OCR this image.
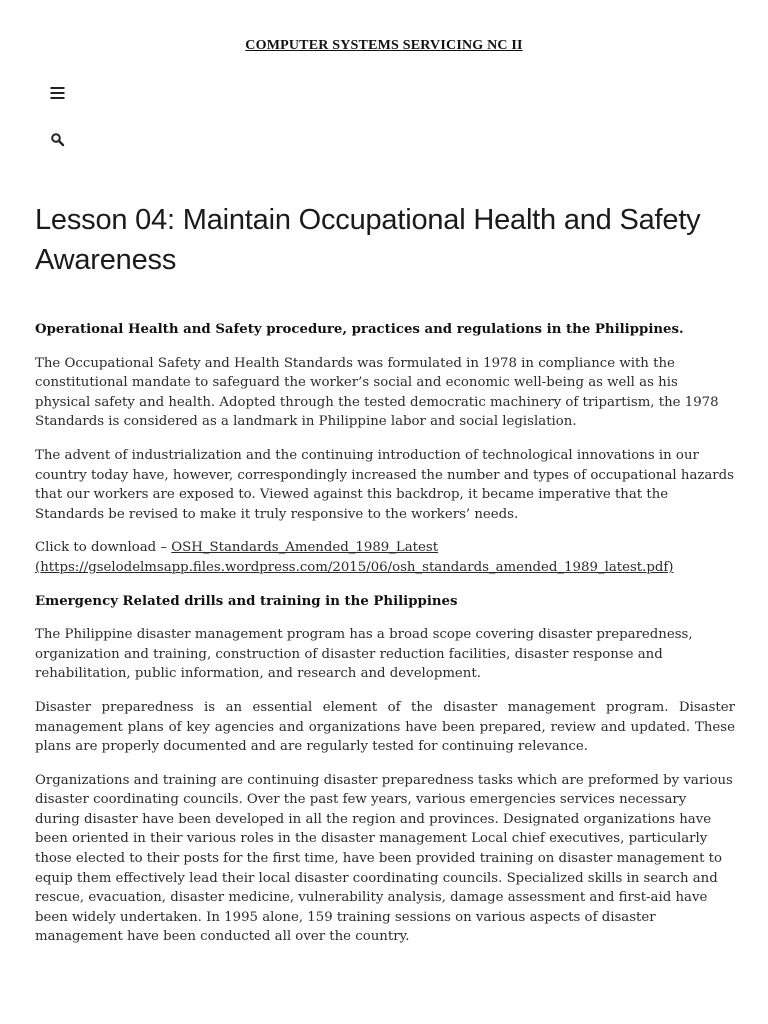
COMPUTER SYSTEMS SERVICING NC II
Lesson 04: Maintain Occupational Health and Safety Awareness

Operational Health and Safety procedure, practices and regulations in the Philippines.

The Occupational Safety and Health Standards was formulated in 1978 in compliance with the constitutional mandate to safeguard the worker’s social and economic well-being as well as his physical safety and health. Adopted through the tested democratic machinery of tripartism, the 1978 Standards is considered as a landmark in Philippine labor and social legislation.

The advent of industrialization and the continuing introduction of technological innovations in our country today have, however, correspondingly increased the number and types of occupational hazards that our workers are exposed to. Viewed against this backdrop, it became imperative that the Standards be revised to make it truly responsive to the workers’ needs.

Click to download – OSH_Standards_Amended_1989_Latest (https://gselodelmsapp.files.wordpress.com/2015/06/osh_standards_amended_1989_latest.pdf)

Emergency Related drills and training in the Philippines

The Philippine disaster management program has a broad scope covering disaster preparedness, organization and training, construction of disaster reduction facilities, disaster response and rehabilitation, public information, and research and development.

Disaster preparedness is an essential element of the disaster management program. Disaster management plans of key agencies and organizations have been prepared, review and updated. These plans are properly documented and are regularly tested for continuing relevance.

Organizations and training are continuing disaster preparedness tasks which are preformed by various disaster coordinating councils. Over the past few years, various emergencies services necessary during disaster have been developed in all the region and provinces. Designated organizations have been oriented in their various roles in the disaster management Local chief executives, particularly those elected to their posts for the first time, have been provided training on disaster management to equip them effectively lead their local disaster coordinating councils. Specialized skills in search and rescue, evacuation, disaster medicine, vulnerability analysis, damage assessment and first-aid have been widely undertaken. In 1995 alone, 159 training sessions on various aspects of disaster management have been conducted all over the country.
